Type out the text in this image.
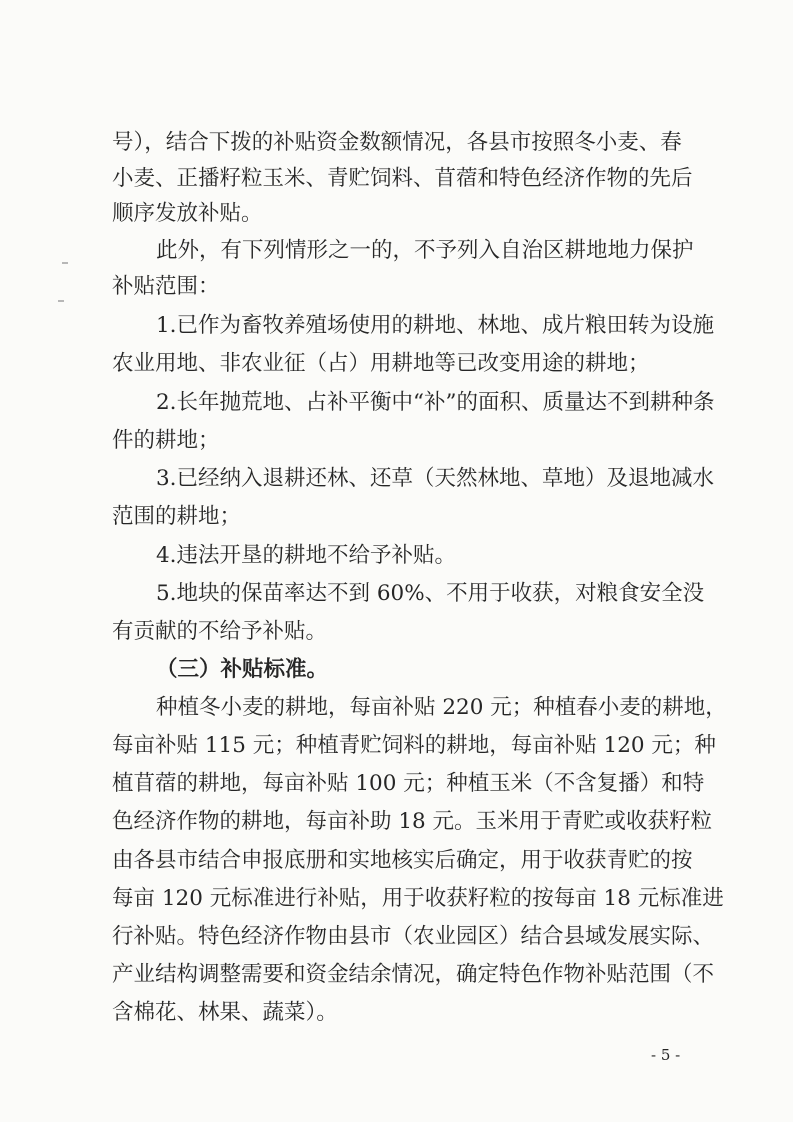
号），结合下拨的补贴资金数额情况，各县市按照冬小麦、春
小麦、正播籽粒玉米、青贮饲料、苜蓿和特色经济作物的先后
顺序发放补贴。
此外，有下列情形之一的，不予列入自治区耕地地力保护
补贴范围：
1.已作为畜牧养殖场使用的耕地、林地、成片粮田转为设施
农业用地、非农业征（占）用耕地等已改变用途的耕地；
2.长年抛荒地、占补平衡中“补”的面积、质量达不到耕种条
件的耕地；
3.已经纳入退耕还林、还草（天然林地、草地）及退地减水
范围的耕地；
4.违法开垦的耕地不给予补贴。
5.地块的保苗率达不到 60%、不用于收获，对粮食安全没
有贡献的不给予补贴。
（三）补贴标准。
种植冬小麦的耕地，每亩补贴 220 元；种植春小麦的耕地，
每亩补贴 115 元；种植青贮饲料的耕地，每亩补贴 120 元；种
植苜蓿的耕地，每亩补贴 100 元；种植玉米（不含复播）和特
色经济作物的耕地，每亩补助 18 元。玉米用于青贮或收获籽粒
由各县市结合申报底册和实地核实后确定，用于收获青贮的按
每亩 120 元标准进行补贴，用于收获籽粒的按每亩 18 元标准进
行补贴。特色经济作物由县市（农业园区）结合县域发展实际、
产业结构调整需要和资金结余情况，确定特色作物补贴范围（不
含棉花、林果、蔬菜）。
- 5 -
